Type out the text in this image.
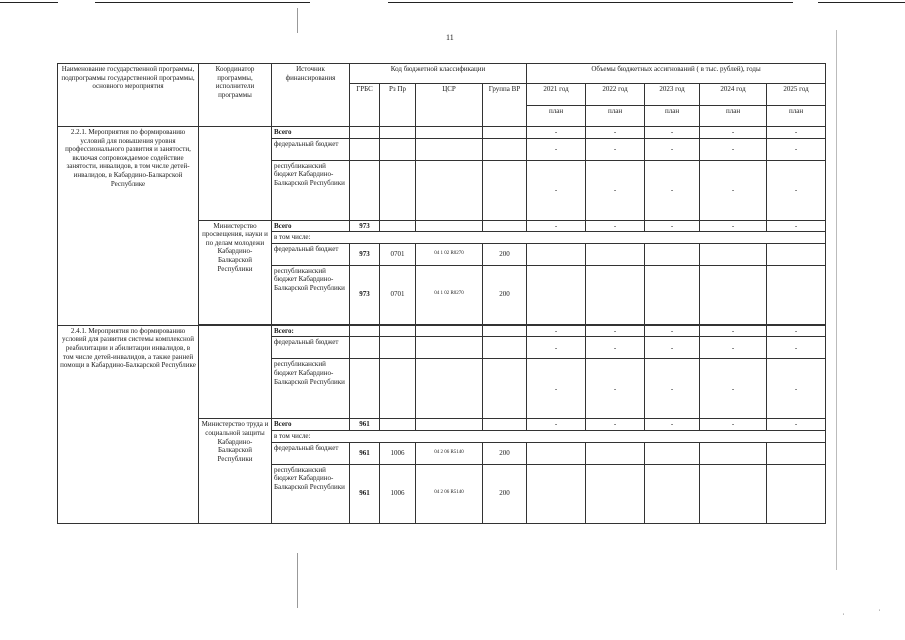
11
Наименование государственной программы, подпрограммы государственной программы, основного мероприятия	Координатор программы, исполнители программы	Источник финансирования	Код бюджетной классификации				Объемы бюджетных ассигнований ( в тыс. рублей), годы				
			ГРБС	Рз Пр	ЦСР	Группа ВР	2021 год	2022 год	2023 год	2024 год	2025 год
							план	план	план	план	план
2.2.1. Мероприятия по формированию условий для повышения уровня профессионального развития и занятости, включая сопровождаемое содействие занятости, инвалидов, в том числе детей-инвалидов, в Кабардино-Балкарской Республике		Всего					-	-	-	-	-
		федеральный бюджет					-	-	-	-	-
		республиканский бюджет Кабардино-Балкарской Республики					-	-	-	-	-
	Министерство просвещения, науки и по делам молодежи Кабардино-Балкарской Республики	Всего	973				-	-	-	-	-
		в том числе:									
		федеральный бюджет	973	0701	04 1 02 R0270	200					
		республиканский бюджет Кабардино-Балкарской Республики	973	0701	04 1 02 R0270	200					

2.4.1. Мероприятия по формированию условий для развития системы комплексной реабилитации и абилитации инвалидов, в том числе детей-инвалидов, а также ранней помощи в Кабардино-Балкарской Республике		Всего:					-	-	-	-	-
		федеральный бюджет					-	-	-	-	-
		республиканский бюджет Кабардино-Балкарской Республики					-	-	-	-	-
	Министерство труда и социальной защиты Кабардино-Балкарской Республики	Всего	961				-	-	-	-	-
		в том числе:									
		федеральный бюджет	961	1006	04 2 06 R5140	200					
		республиканский бюджет Кабардино-Балкарской Республики	961	1006	04 2 06 R5140	200					
˙	˙
